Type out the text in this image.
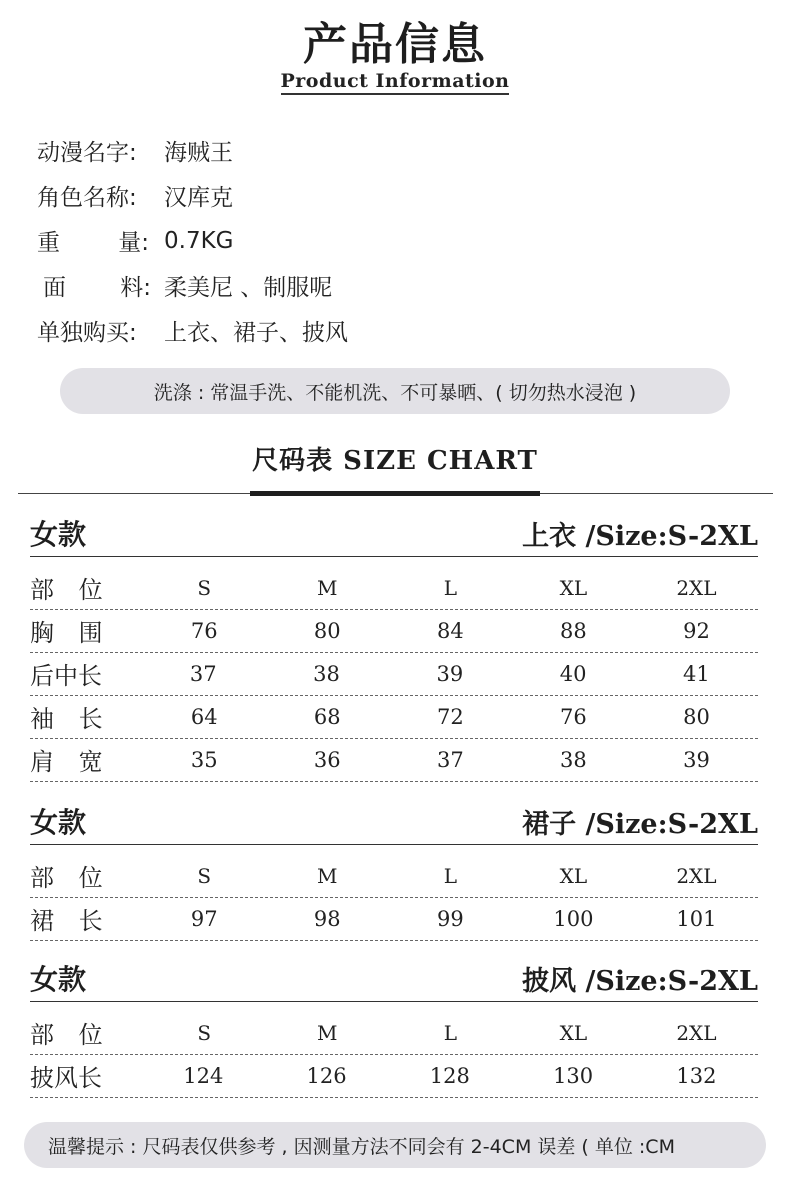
产品信息
Product Information
动漫名字:	海贼王
角色名称:	汉库克
重	量: 0.7KG
面 料: 柔美尼 、制服呢
单独购买:	上衣、裙子、披风
洗涤 : 常温手洗、不能机洗、不可暴晒、( 切勿热水浸泡 )
尺码表 SIZE CHART
女款	上衣 /Size:S-2XL
部 位	S	M	L	XL	2XL
胸 围	76	80	84	88	92
后中长	37	38	39	40	41
袖 长	64	68	72	76	80
肩 宽	35	36	37	38	39
女款	裙子 /Size:S-2XL
部 位	S	M	L	XL	2XL
裙 长	97	98	99	100	101
女款	披风 /Size:S-2XL
部 位	S	M	L	XL	2XL
披风长	124	126	128	130	132
温馨提示 : 尺码表仅供参考 , 因测量方法不同会有 2-4CM 误差 ( 单位 :CM
